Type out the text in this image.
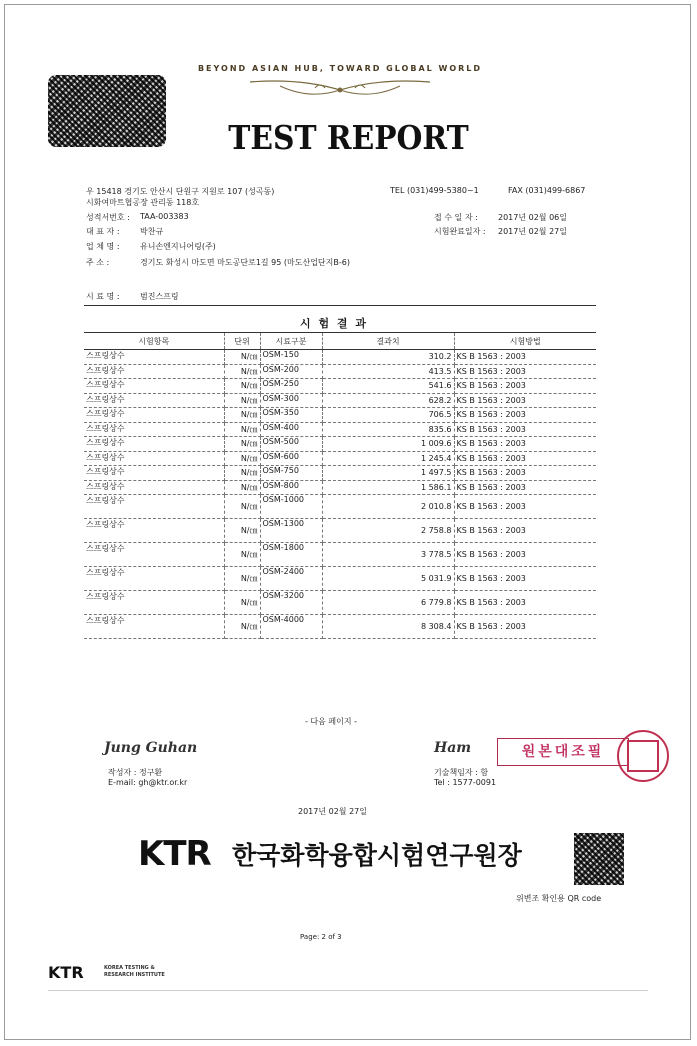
BEYOND ASIAN HUB, TOWARD GLOBAL WORLD
TEST REPORT
우 15418 경기도 안산시 단원구 지원로 107 (성곡동)
시화여마트협공장 관리동 118호
TEL (031)499-5380~1	FAX (031)499-6867
성적서번호 : TAA-003383	접 수 일 자 :	2017년 02월 06일
대 표 자 :	박찬규	시험완료일자 : 2017년 02월 27일
업 체 명 :	유니손엔지니어링(주)
주 소 :	경기도 화성시 마도면 마도공단로1길 95 (마도산업단지B-6)
시 료 명 :	범진스프링
시 험 결 과
시험항목	단위	시료구분	결과치	시험방법
스프링상수	N/㎝	OSM-150	310.2	KS B 1563 : 2003
스프링상수	N/㎝	OSM-200	413.5	KS B 1563 : 2003
스프링상수	N/㎝	OSM-250	541.6	KS B 1563 : 2003
스프링상수	N/㎝	OSM-300	628.2	KS B 1563 : 2003
스프링상수	N/㎝	OSM-350	706.5	KS B 1563 : 2003
스프링상수	N/㎝	OSM-400	835.6	KS B 1563 : 2003
스프링상수	N/㎝	OSM-500	1 009.6	KS B 1563 : 2003
스프링상수	N/㎝	OSM-600	1 245.4	KS B 1563 : 2003
스프링상수	N/㎝	OSM-750	1 497.5	KS B 1563 : 2003
스프링상수	N/㎝	OSM-800	1 586.1	KS B 1563 : 2003
스프링상수	N/㎝	OSM-1000	2 010.8	KS B 1563 : 2003
스프링상수	N/㎝	OSM-1300	2 758.8	KS B 1563 : 2003
스프링상수	N/㎝	OSM-1800	3 778.5	KS B 1563 : 2003
스프링상수	N/㎝	OSM-2400	5 031.9	KS B 1563 : 2003
스프링상수	N/㎝	OSM-3200	6 779.8	KS B 1563 : 2003
스프링상수	N/㎝	OSM-4000	8 308.4	KS B 1563 : 2003
- 다음 페이지 -
Jung Guhan
작성자 : 정구환
E-mail: gh@ktr.or.kr
Ham
기술책임자 : 함
Tel : 1577-0091
원본대조필
2017년 02월 27일
KTR 한국화학융합시험연구원장
위변조 확인용 QR code
Page: 2 of 3
KTR	KOREA TESTING &
RESEARCH INSTITUTE
